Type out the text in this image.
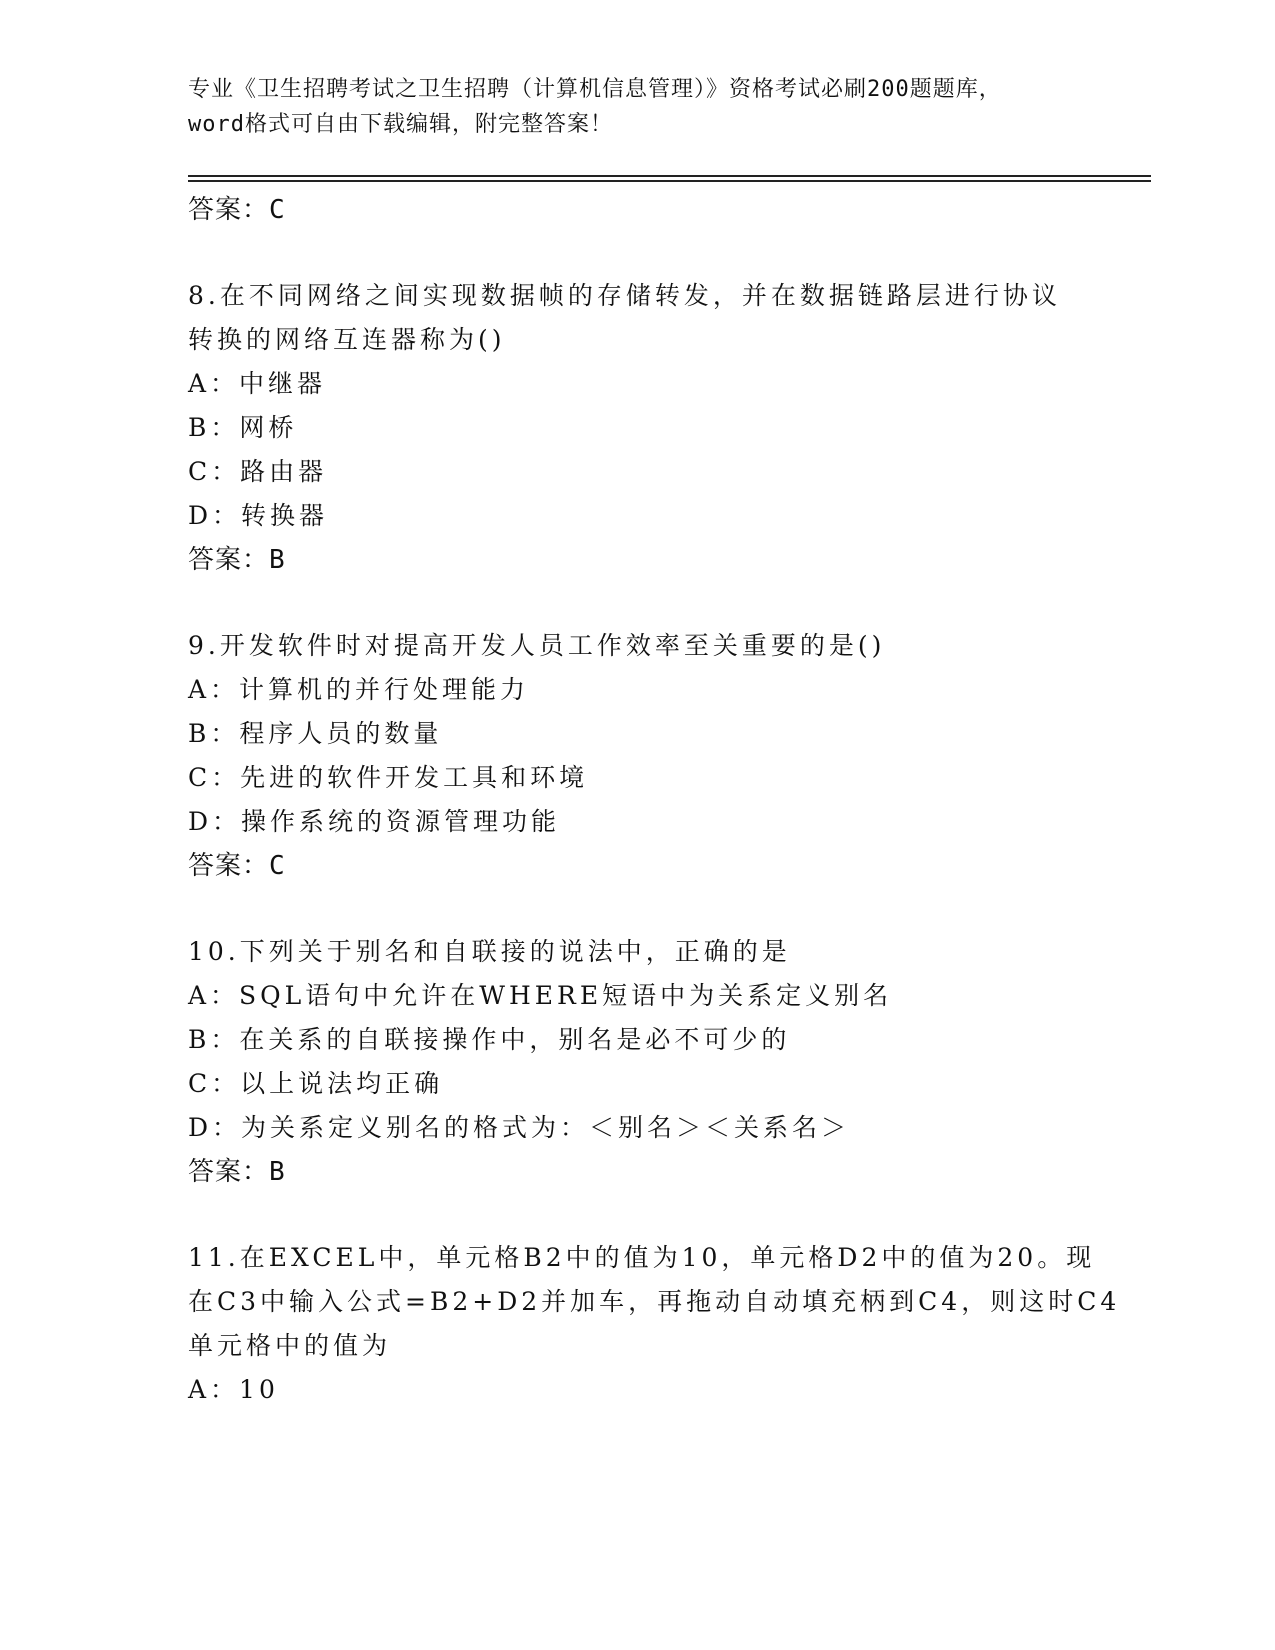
专业《卫生招聘考试之卫生招聘（计算机信息管理）》资格考试必刷200题题库，
word格式可自由下载编辑，附完整答案！
答案：C
8.在不同网络之间实现数据帧的存储转发，并在数据链路层进行协议
转换的网络互连器称为()
A：中继器
B：网桥
C：路由器
D：转换器
答案：B
9.开发软件时对提高开发人员工作效率至关重要的是()
A：计算机的并行处理能力
B：程序人员的数量
C：先进的软件开发工具和环境
D：操作系统的资源管理功能
答案：C
10.下列关于别名和自联接的说法中，正确的是
A：SQL语句中允许在WHERE短语中为关系定义别名
B：在关系的自联接操作中，别名是必不可少的
C：以上说法均正确
D：为关系定义别名的格式为：＜别名＞＜关系名＞
答案：B
11.在EXCEL中，单元格B2中的值为10，单元格D2中的值为20。现
在C3中输入公式=B2+D2并加车，再拖动自动填充柄到C4，则这时C4
单元格中的值为
A：10
